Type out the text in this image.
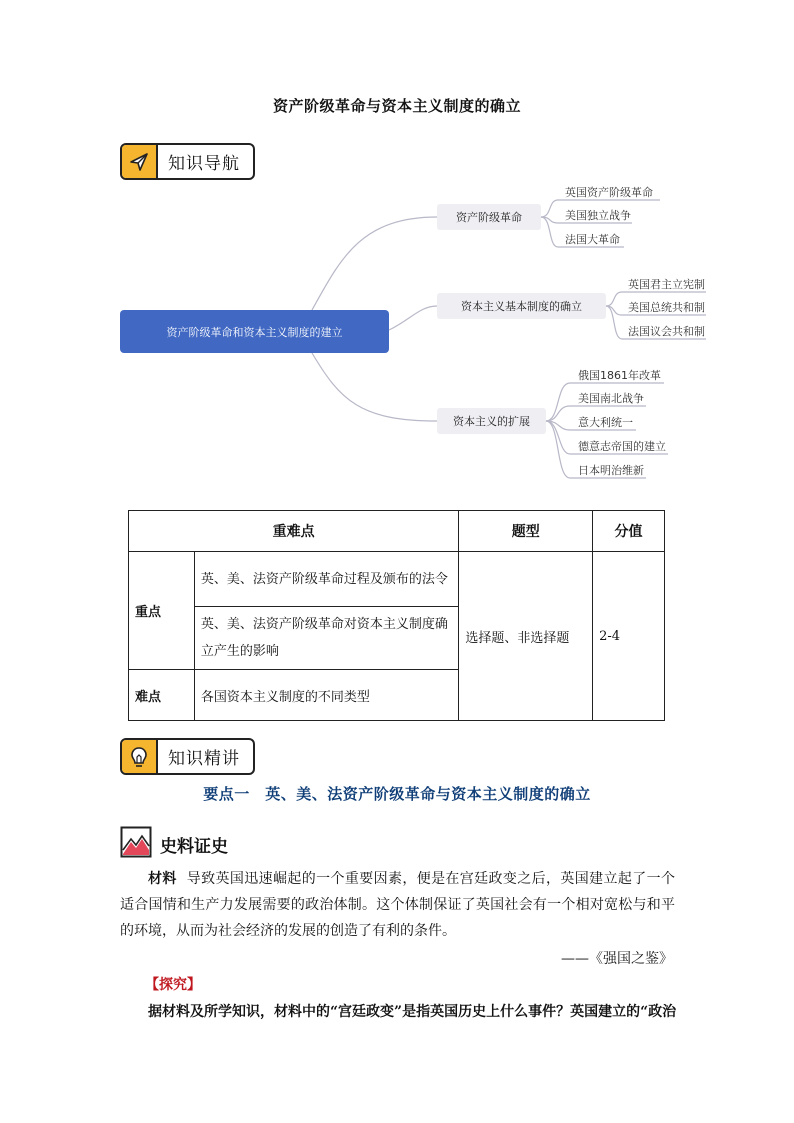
资产阶级革命与资本主义制度的确立
知识导航
资产阶级革命和资本主义制度的建立
资产阶级革命
资本主义基本制度的确立
资本主义的扩展
英国资产阶级革命
美国独立战争
法国大革命
英国君主立宪制
美国总统共和制
法国议会共和制
俄国1861年改革
美国南北战争
意大利统一
德意志帝国的建立
日本明治维新
重难点		题型	分值
重点	英、美、法资产阶级革命过程及颁布的法令	选择题、非选择题	2-4
	英、美、法资产阶级革命对资本主义制度确立产生的影响		
难点	各国资本主义制度的不同类型		
知识精讲
要点一　英、美、法资产阶级革命与资本主义制度的确立
史料证史
材料 导致英国迅速崛起的一个重要因素，便是在宫廷政变之后，英国建立起了一个适合国情和生产力发展需要的政治体制。这个体制保证了英国社会有一个相对宽松与和平的环境，从而为社会经济的发展的创造了有利的条件。
——《强国之鉴》
【探究】
据材料及所学知识，材料中的“宫廷政变”是指英国历史上什么事件？英国建立的“政治
